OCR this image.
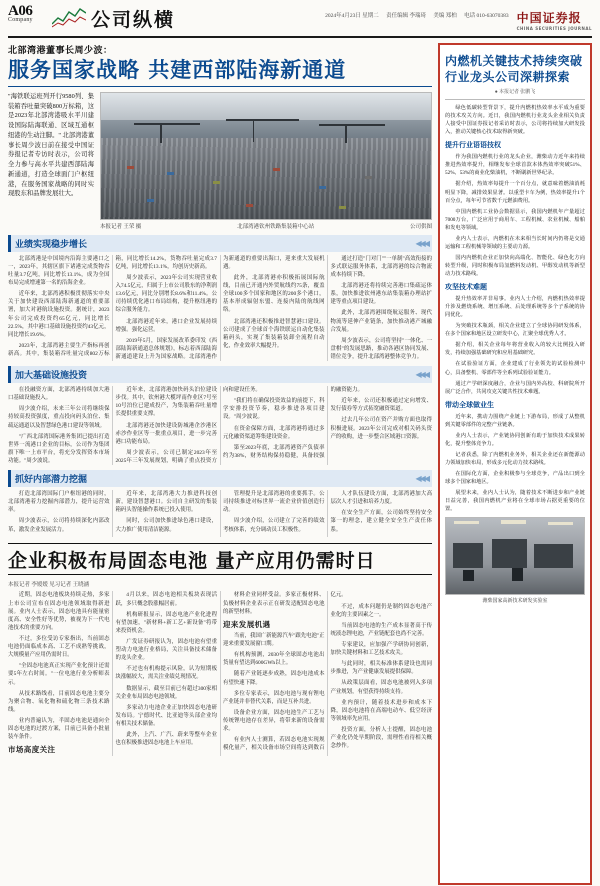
A06
Company	公司纵横	2024年4月23日 星期二 责任编辑 李瑞琦 美编 郑柏 电话 010-63070383 中国证券报
CHINA SECURITIES JOURNAL
北部湾港董事长周少波：
服务国家战略 共建西部陆海新通道
"海铁联运班列开行9580列、集装箱吞吐量突破800万标箱，这是2023年北部湾港吸水平川建设国际陆海联通、区域互通枢纽港的生动注脚。" 北部湾港董事长周少波日前在接受中国证券报记者专访时表示，公司将全力参与高水平共建西部陆海新通道，打造全球面门户枢纽港，在服务国家战略的同时实现股东和品牌发展壮大。
本报记者 王荣 摄	北部湾港钦州铁路集装箱中心站	公司供图
业绩实现稳步增长	◀◀◀

北部湾港是中国境内沿海主要港口之一，2023年，其辖区旗下诸港完成货物吞吐量3.7亿吨，同比增长13.1%，成为全国布局完成增速第一名的沿海企业。

近年来，北部湾港积极贯彻落实中央关于加快建设西部陆海新通道的重要部署，加大对港航设施投资。据统计，2023年公司完成投资约65亿元，同比增长22.5%，其中港口基础设施投资约43亿元，同比增长19.6%。

2023年，北部湾港主要生产指标再创新高。其中，集装箱吞吐量完成802万标箱，同比增长14.2%，货物吞吐量完成3.7亿吨，同比增长13.1%，均创历史新高。

周少波表示，2023年公司实现营业收入74.5亿元，归属于上市公司股东的净利润13.6亿元，同比分别增长8.6%和11.4%。公司持续优化港口布局结构，提升枢纽港的综合服务能力。

北部湾港近年来，港口企业发展持续增强。强化运营。

2019年5月，国家发展改革委印发《西部陆海新通道总体规划》，标志着西部陆海新通道建设上升为国家战略。北部湾港作为新通道的重要出海口，迎来重大发展机遇。

此外，北部湾港亦积极拓展国际航线，目前已开通内外贸航线约75条，覆盖全球100多个国家和地区的200多个港口，基本形成辐射东盟、连接内陆的航线网络。

北部湾港还积极推进智慧港口建设。公司建成了全球首个海铁联运自动化集装箱码头，实现了集装箱装卸全流程自动化，作业效率大幅提升。

通过打造"门对门""一单制"高效衔接的多式联运服务体系，北部湾港的综合物流成本持续下降。

北部湾港还将持续完善港口集疏运体系，加快推进钦州港东站集装箱办理站扩建等重点项目建设。

此外，北部湾港围绕航运服务、现代物流等延伸产业链条，加快推动港产城融合发展。

周少波表示，公司将坚持"一体化、一盘棋"的发展思路，推动各港区协同发展、错位竞争，提升北部湾港整体竞争力。

加大基础设施投资	◀◀◀

在投融资方面，北部湾港持续加大港口基础设施投入。

周少波介绍，未来三年公司将继续保持较高投资强度，重点投向码头泊位、集疏运通道以及智慧绿色港口建设等领域。

"广西北部湾国际港务集团已提出打造世界一流港口企业的目标，公司作为集团旗下唯一上市平台，将充分发挥资本市场功能。"周少波说。

近年来，北部湾港加快码头泊位建设步伐。其中，钦州港大榄坪南作业区7号至10号泊位已建成投产，为集装箱吞吐量增长提供重要支撑。

北部湾港还加快建设防城港企沙港区赤沙作业区等一批重点项目，进一步完善港口功能布局。

周少波表示，公司已制定2023年至2025年三年发展规划，明确了重点投资方向和建设任务。

"我们将在确保投资效益的前提下，科学安排投资节奏，稳步推进各项目建设。"周少波说。

在资金保障方面，北部湾港将通过多元化融资渠道筹集建设资金。

第至2023年底，北部湾港资产负债率约为38%，财务结构保持稳健，具备较强的融资能力。

近年来，公司还积极通过定向增发、发行债券等方式拓宽融资渠道。

过去几年公司在资产并购方面也取得积极进展。2023年公司完成对相关码头资产的收购，进一步整合区域港口资源。

抓好内部潜力挖掘	◀◀◀

打造北部湾国际门户枢纽港的同时，北部湾港着力挖掘内部潜力，提升运营效率。

周少波表示，公司将持续深化内部改革，激发企业发展活力。

近年来，北部湾港大力推进科技创新，建设智慧港口。公司自主研发的集装箱码头智能操作系统已投入使用。

同时，公司加快推进绿色港口建设，大力推广使用清洁能源。

管理提升是北部湾港的重要抓手。公司持续推进对标世界一流企业价值创造行动。

周少波介绍，公司建立了完善的绩效考核体系，充分调动员工积极性。

人才队伍建设方面，北部湾港加大高层次人才引进和培养力度。

在安全生产方面，公司始终坚持安全第一的理念，建立健全安全生产责任体系。

企业积极布局固态电池 量产应用仍需时日
本报记者 李嫒嫒 见习记者 王晓涵

近期，固态电池板块持续走热，多家上市公司宣布在固态电池领域取得新进展。业内人士表示，固态电池具有能量密度高、安全性好等优势，被视为下一代电池技术的重要方向。

不过，多位受访专家指出，当前固态电池仍面临成本高、工艺不成熟等挑战，大规模量产应用仍需时日。

"全固态电池真正实现产业化预计还需要5年左右时间。"一位电池行业分析师表示。

从技术路线看，目前固态电池主要分为聚合物、氧化物和硫化物三条技术路线。

业内普遍认为，半固态电池是通向全固态电池的过渡方案，目前已具备小批量装车条件。

市场高度关注

4月以来，固态电池相关板块表现活跃，多只概念股涨幅居前。

机构研报显示，固态电池产业化进程有望加速，"新材料+新工艺+新设备"将带来投资机会。

广发证券研报认为，固态电池有望重塑动力电池行业格局，关注具备技术储备的龙头企业。

不过也有机构提示风险，认为短期板块涨幅较大，需关注业绩兑现情况。

数据显示，截至目前已有超过300家相关企业布局固态电池领域。

多家动力电池企业正加快固态电池研发布局。宁德时代、比亚迪等头部企业均有相关技术储备。

此外，上汽、广汽、蔚来等整车企业也在积极推进固态电池上车应用。

材料企业同样受益。多家正极材料、负极材料企业表示正在研发适配固态电池的新型材料。

迎来发展机遇

当前，我国广新能源汽车"跟先电池"正迎来重要发展窗口期。

有机构预测，2030年全球固态电池出货量有望达到600GWh以上。

随着产业链逐步成熟，固态电池成本有望快速下降。

多位专家表示，固态电池与现有锂电产业链并非替代关系，而是互补共进。

设备企业方面，固态电池生产工艺与传统锂电池存在差异，将带来新的设备需求。

有业内人士测算，若固态电池实现规模化量产，相关设备市场空间将达到数百亿元。

不过，成本问题仍是制约固态电池产业化的主要因素之一。

当前固态电池的生产成本显著高于传统液态锂电池，产业链配套也尚不完善。

专家建议，应加强产学研协同创新，加快关键材料和工艺技术攻关。

与此同时，相关标准体系建设也需同步推进，为产业健康发展提供保障。

从政策层面看，固态电池被列入多项产业规划，有望获得持续支持。

业内预计，随着技术进步和成本下降，固态电池将在高端电动车、低空经济等领域率先应用。

投资方面，分析人士提醒，固态电池产业化仍处早期阶段，需理性看待相关概念炒作。

内燃机关键技术持续突破 行业龙头公司深耕探索
● 本报记者 张鹏飞

绿色低碳转型背景下，提升内燃机热效率水平成为重要的技术攻关方向。近日，我国内燃机行业龙头企业相关负责人接受中国证券报记者采访时表示，公司将持续加大研发投入，推动关键核心技术取得新突破。

提升行业语语技权

作为我国内燃机行业的龙头企业，潍柴动力近年来持续推进热效率提升，相继发布全球首款本体热效率突破51%、52%、53%的商业化柴油机，不断刷新世界纪录。

据介绍，热效率每提升一个百分点，就意味着燃油消耗明显下降，减排效果显著。以重型卡车为例，热效率提升1个百分点，每年可节省数千元燃油费用。

中国内燃机工业协会数据显示，我国内燃机年产量超过7000万台，广泛应用于商用车、工程机械、农业机械、船舶和发电等领域。

业内人士表示，内燃机在未来相当长时间内仍将是交通运输和工程机械等领域的主要动力源。

国内内燃机企业正加快向高端化、智能化、绿色化方向转型升级，同时积极布局氢燃料发动机、甲醇发动机等新型动力技术路线。

攻坚技术难题

提升热效率并非易事。业内人士介绍，内燃机热效率提升涉及燃烧系统、增压系统、后处理系统等多个子系统的协同优化。

为突破技术瓶颈，相关企业建立了全球协同研发体系，在多个国家和地区设立研发中心，汇聚全球优秀人才。

据介绍，相关企业每年将营业收入的较大比例投入研发，持续加强基础研究和应用基础研究。

在试验验证方面，企业建成了行业领先的试验检测中心，具备整机、零部件等全系列试验验证能力。

通过产学研深度融合，企业与国内外高校、科研院所开展广泛合作，共同攻克关键共性技术难题。

带动全球做业生

近年来，携动力围绕产业链上下游布局，形成了从整机到关键零部件的完整产业链条。

业内人士表示，产业链协同创新有助于加快技术成果转化，提升整体竞争力。

记者获悉，除了内燃机业务外，相关企业还在新能源动力领域加快布局，形成多元化动力技术路线。

在国际化方面，企业积极参与全球竞争，产品出口到全球多个国家和地区。

展望未来，业内人士认为，随着技术不断进步和产业链日益完善，我国内燃机产业将在全球市场占据更重要的位置。

潍柴国家高新技术研发实验室
